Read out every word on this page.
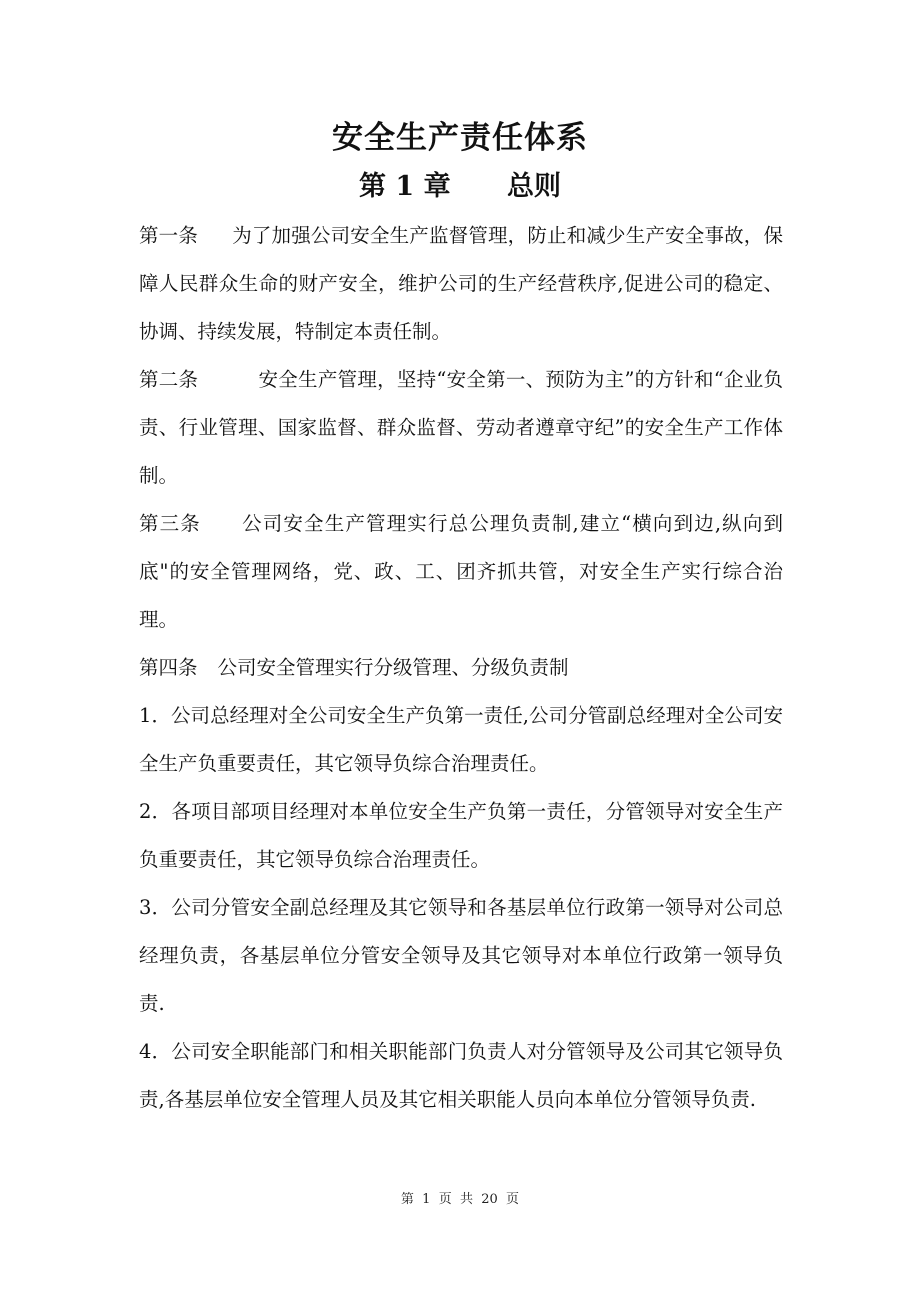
安全生产责任体系
第 1 章      总则

第一条 为了加强公司安全生产监督管理，防止和减少生产安全事故，保障人民群众生命的财产安全，维护公司的生产经营秩序,促进公司的稳定、协调、持续发展，特制定本责任制。

第二条	安全生产管理，坚持“安全第一、预防为主”的方针和“企业负责、行业管理、国家监督、群众监督、劳动者遵章守纪”的安全生产工作体制。

第三条 公司安全生产管理实行总公理负责制,建立“横向到边,纵向到底"的安全管理网络，党、政、工、团齐抓共管，对安全生产实行综合治理。

第四条 公司安全管理实行分级管理、分级负责制

1．公司总经理对全公司安全生产负第一责任,公司分管副总经理对全公司安全生产负重要责任，其它领导负综合治理责任。

2．各项目部项目经理对本单位安全生产负第一责任，分管领导对安全生产负重要责任，其它领导负综合治理责任。

3．公司分管安全副总经理及其它领导和各基层单位行政第一领导对公司总经理负责，各基层单位分管安全领导及其它领导对本单位行政第一领导负责.

4．公司安全职能部门和相关职能部门负责人对分管领导及公司其它领导负责,各基层单位安全管理人员及其它相关职能人员向本单位分管领导负责.

第  1  页  共  20  页
